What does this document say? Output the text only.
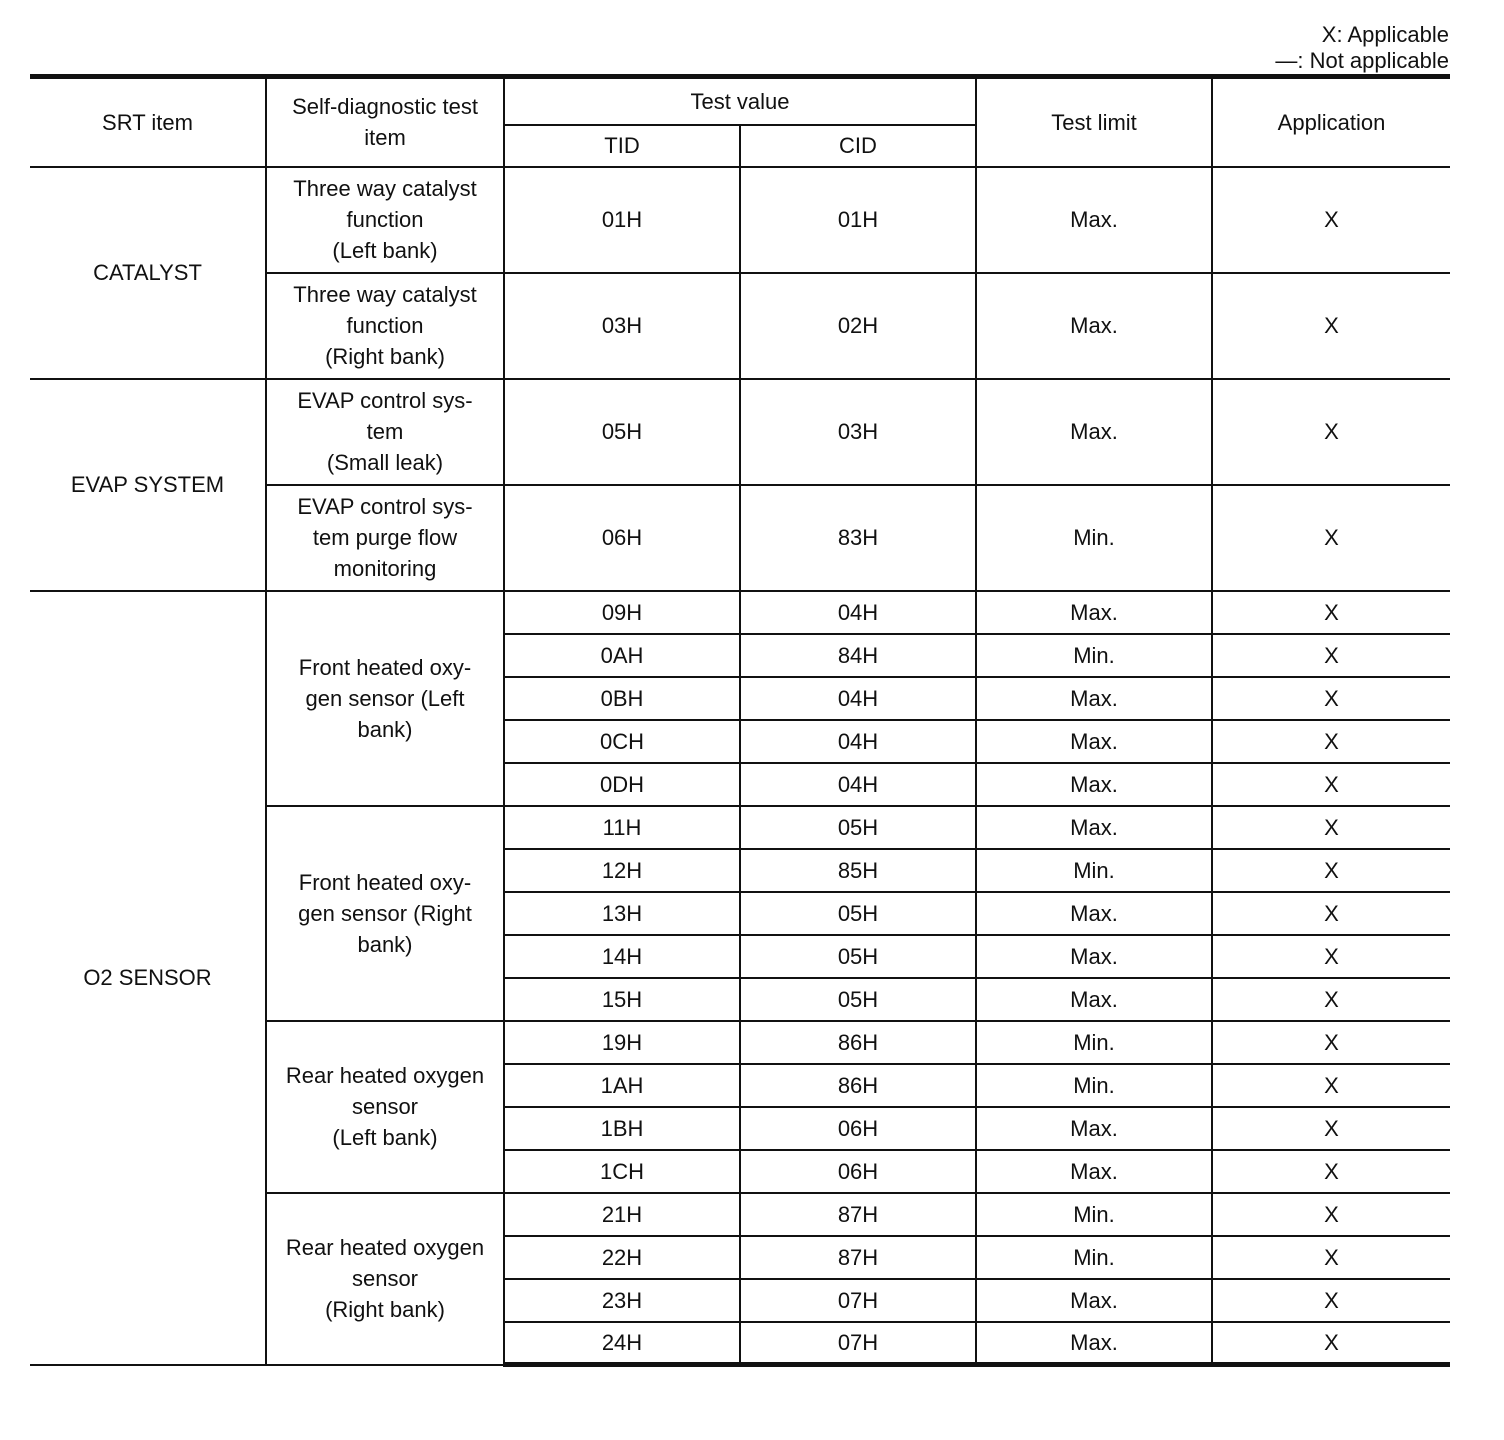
X: Applicable
—: Not applicable
SRT item	Self-diagnostic test item	Test value		Test limit	Application
		TID	CID		
CATALYST	Three way catalyst
function
(Left bank)	01H	01H	Max.	X

	Three way catalyst
function
(Right bank)	03H	02H	Max.	X
EVAP SYSTEM	EVAP control sys-
tem
(Small leak)	05H	03H	Max.	X

	EVAP control sys-
tem purge flow
monitoring	06H	83H	Min.	X
O2 SENSOR	Front heated oxy-
gen sensor (Left
bank)	09H	04H	Max.	X
		0AH	84H	Min.	X
		0BH	04H	Max.	X
		0CH	04H	Max.	X
		0DH	04H	Max.	X

	Front heated oxy-
gen sensor (Right
bank)	11H	05H	Max.	X
		12H	85H	Min.	X
		13H	05H	Max.	X
		14H	05H	Max.	X
		15H	05H	Max.	X

	Rear heated oxygen
sensor
(Left bank)	19H	86H	Min.	X
		1AH	86H	Min.	X
		1BH	06H	Max.	X
		1CH	06H	Max.	X

	Rear heated oxygen
sensor
(Right bank)	21H	87H	Min.	X
		22H	87H	Min.	X
		23H	07H	Max.	X
		24H	07H	Max.	X
